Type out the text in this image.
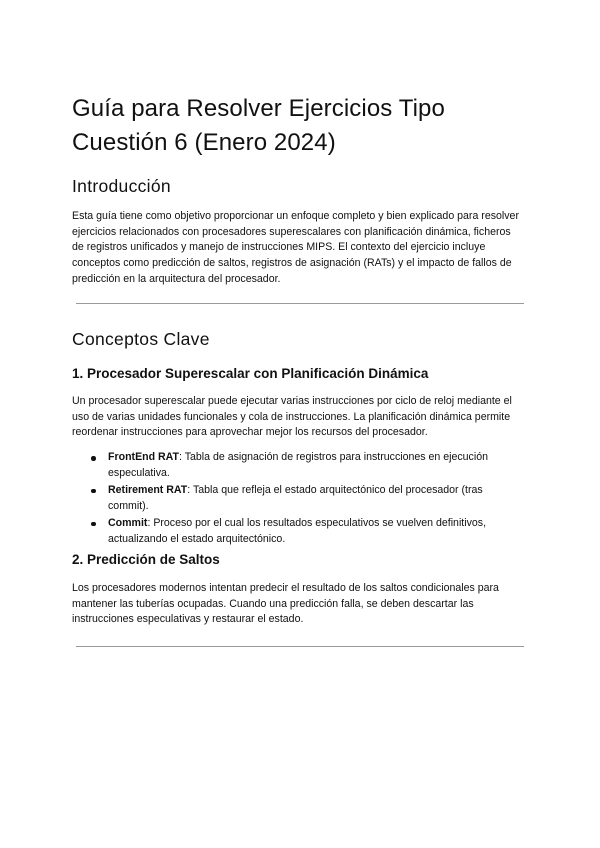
Guía para Resolver Ejercicios Tipo Cuestión 6 (Enero 2024)
Introducción

Esta guía tiene como objetivo proporcionar un enfoque completo y bien explicado para resolver ejercicios relacionados con procesadores superescalares con planificación dinámica, ficheros de registros unificados y manejo de instrucciones MIPS. El contexto del ejercicio incluye conceptos como predicción de saltos, registros de asignación (RATs) y el impacto de fallos de predicción en la arquitectura del procesador.

Conceptos Clave
1. Procesador Superescalar con Planificación Dinámica

Un procesador superescalar puede ejecutar varias instrucciones por ciclo de reloj mediante el uso de varias unidades funcionales y cola de instrucciones. La planificación dinámica permite reordenar instrucciones para aprovechar mejor los recursos del procesador.

FrontEnd RAT: Tabla de asignación de registros para instrucciones en ejecución especulativa.
Retirement RAT: Tabla que refleja el estado arquitectónico del procesador (tras commit).
Commit: Proceso por el cual los resultados especulativos se vuelven definitivos, actualizando el estado arquitectónico.
2. Predicción de Saltos

Los procesadores modernos intentan predecir el resultado de los saltos condicionales para mantener las tuberías ocupadas. Cuando una predicción falla, se deben descartar las instrucciones especulativas y restaurar el estado.
